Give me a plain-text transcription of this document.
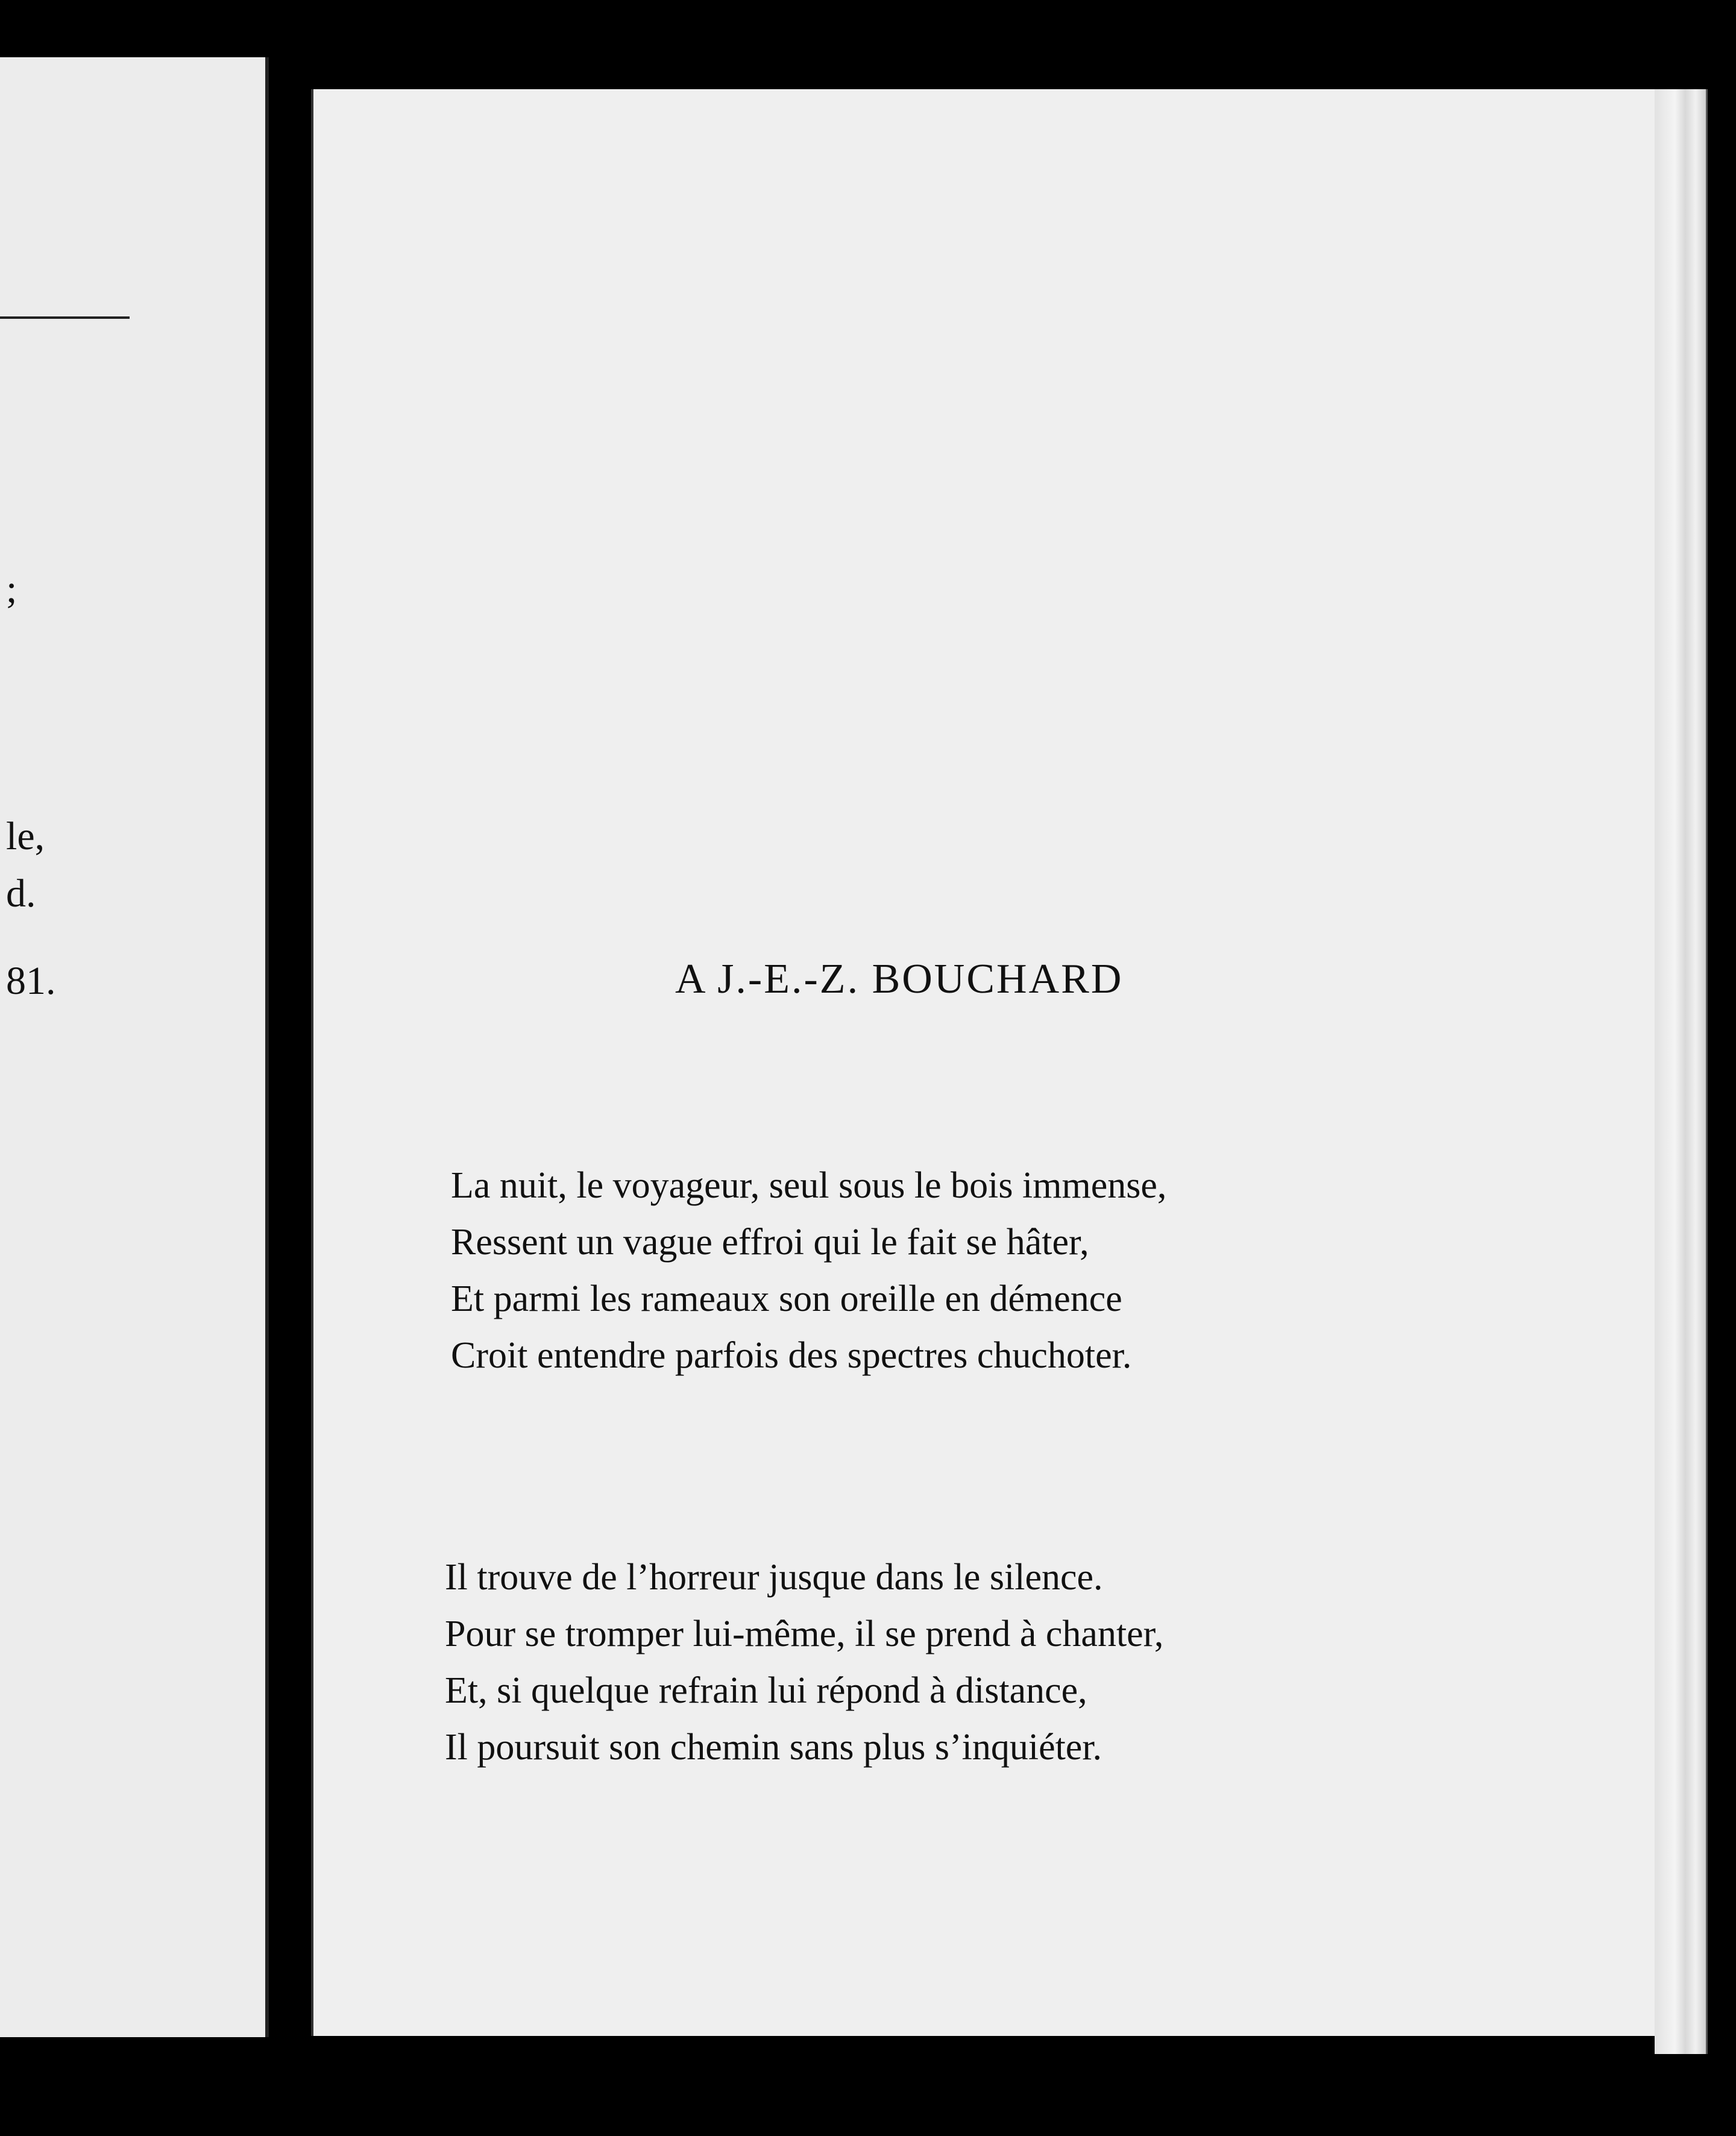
;
le,
d.
81.	A J.-E.-Z. BOUCHARD
La nuit, le voyageur, seul sous le bois immense,
Ressent un vague effroi qui le fait se hâter,
Et parmi les rameaux son oreille en démence
Croit entendre parfois des spectres chuchoter.
Il trouve de l’horreur jusque dans le silence.
Pour se tromper lui-même, il se prend à chanter,
Et, si quelque refrain lui répond à distance,
Il poursuit son chemin sans plus s’inquiéter.
